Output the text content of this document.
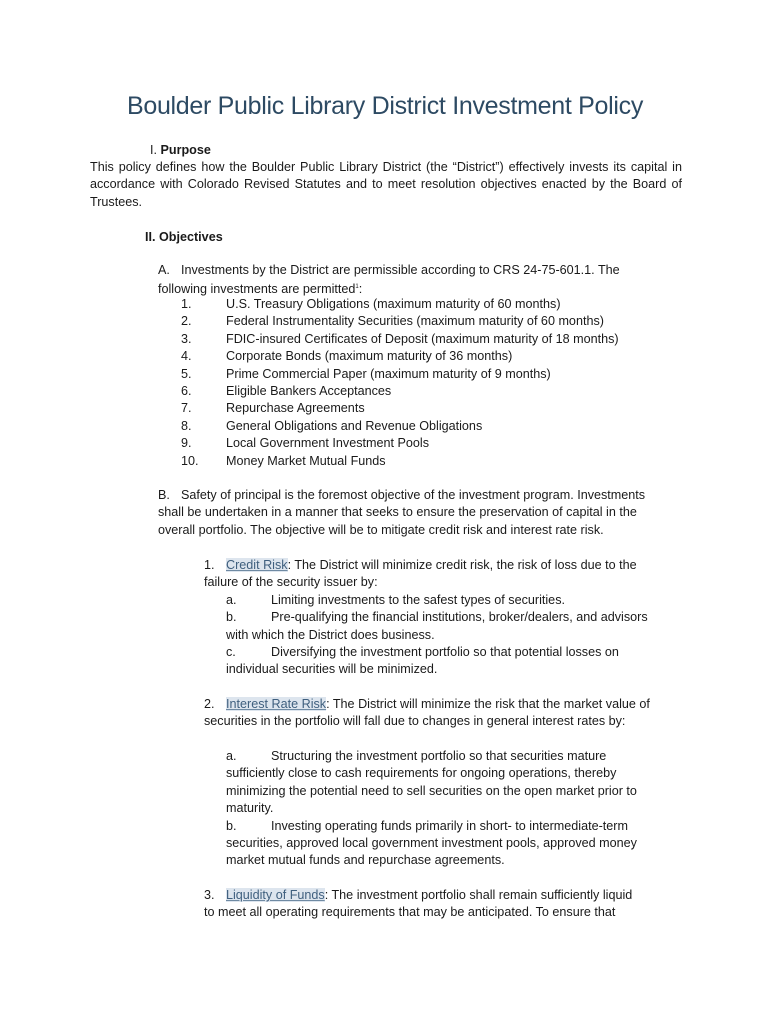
Boulder Public Library District Investment Policy
I. Purpose
This policy defines how the Boulder Public Library District (the “District”) effectively invests its capital in accordance with Colorado Revised Statutes and to meet resolution objectives enacted by the Board of Trustees.
II. Objectives
A. Investments by the District are permissible according to CRS 24-75-601.1. The
following investments are permitted$^1$:
1.	U.S. Treasury Obligations (maximum maturity of 60 months)
2.	Federal Instrumentality Securities (maximum maturity of 60 months)
3.	FDIC-insured Certificates of Deposit (maximum maturity of 18 months)
4.	Corporate Bonds (maximum maturity of 36 months)
5.	Prime Commercial Paper (maximum maturity of 9 months)
6.	Eligible Bankers Acceptances
7.	Repurchase Agreements
8.	General Obligations and Revenue Obligations
9.	Local Government Investment Pools
10. Money Market Mutual Funds
B. Safety of principal is the foremost objective of the investment program. Investments
shall be undertaken in a manner that seeks to ensure the preservation of capital in the
overall portfolio. The objective will be to mitigate credit risk and interest rate risk.
1. Credit Risk: The District will minimize credit risk, the risk of loss due to the
failure of the security issuer by:
a.	Limiting investments to the safest types of securities.
b.	Pre-qualifying the financial institutions, broker/dealers, and advisors
with which the District does business.
c.	Diversifying the investment portfolio so that potential losses on
individual securities will be minimized.
2. Interest Rate Risk: The District will minimize the risk that the market value of
securities in the portfolio will fall due to changes in general interest rates by:
a.	Structuring the investment portfolio so that securities mature
sufficiently close to cash requirements for ongoing operations, thereby
minimizing the potential need to sell securities on the open market prior to
maturity.
b.	Investing operating funds primarily in short- to intermediate-term
securities, approved local government investment pools, approved money
market mutual funds and repurchase agreements.
3. Liquidity of Funds: The investment portfolio shall remain sufficiently liquid
to meet all operating requirements that may be anticipated. To ensure that
